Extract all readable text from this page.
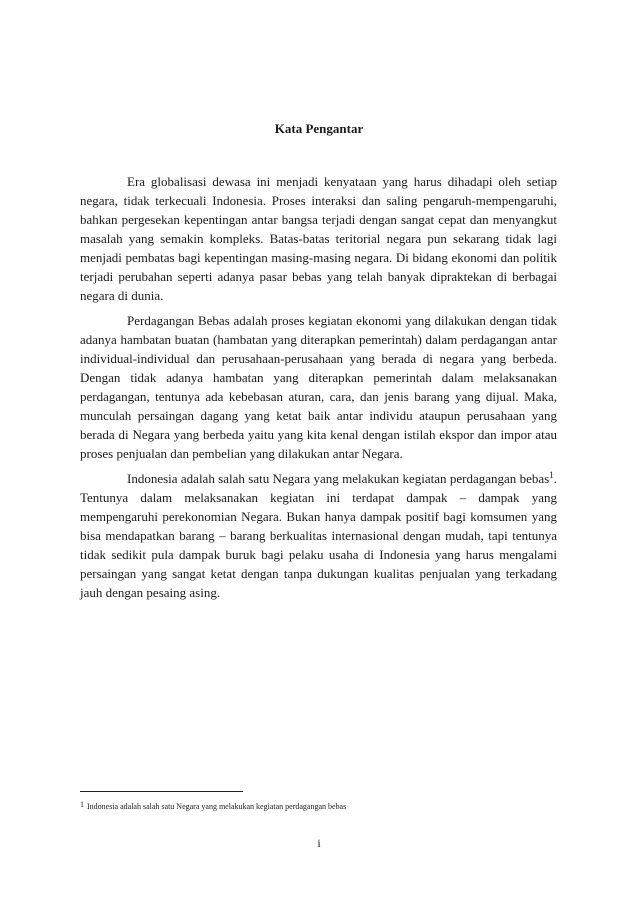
Kata Pengantar

Era globalisasi dewasa ini menjadi kenyataan yang harus dihadapi oleh setiap negara, tidak terkecuali Indonesia. Proses interaksi dan saling pengaruh-mempengaruhi, bahkan pergesekan kepentingan antar bangsa terjadi dengan sangat cepat dan menyangkut masalah yang semakin kompleks. Batas-batas teritorial negara pun sekarang tidak lagi menjadi pembatas bagi kepentingan masing-masing negara. Di bidang ekonomi dan politik terjadi perubahan seperti adanya pasar bebas yang telah banyak dipraktekan di berbagai negara di dunia.

Perdagangan Bebas adalah proses kegiatan ekonomi yang dilakukan dengan tidak adanya hambatan buatan (hambatan yang diterapkan pemerintah) dalam perdagangan antar individual-individual dan perusahaan-perusahaan yang berada di negara yang berbeda. Dengan tidak adanya hambatan yang diterapkan pemerintah dalam melaksanakan perdagangan, tentunya ada kebebasan aturan, cara, dan jenis barang yang dijual. Maka, munculah persaingan dagang yang ketat baik antar individu ataupun perusahaan yang berada di Negara yang berbeda yaitu yang kita kenal dengan istilah ekspor dan impor atau proses penjualan dan pembelian yang dilakukan antar Negara.

Indonesia adalah salah satu Negara yang melakukan kegiatan perdagangan bebas$^1$. Tentunya dalam melaksanakan kegiatan ini terdapat dampak – dampak yang mempengaruhi perekonomian Negara. Bukan hanya dampak positif bagi komsumen yang bisa mendapatkan barang – barang berkualitas internasional dengan mudah, tapi tentunya tidak sedikit pula dampak buruk bagi pelaku usaha di Indonesia yang harus mengalami persaingan yang sangat ketat dengan tanpa dukungan kualitas penjualan yang terkadang jauh dengan pesaing asing.

1 Indonesia adalah salah satu Negara yang melakukan kegiatan perdagangan bebas
i
